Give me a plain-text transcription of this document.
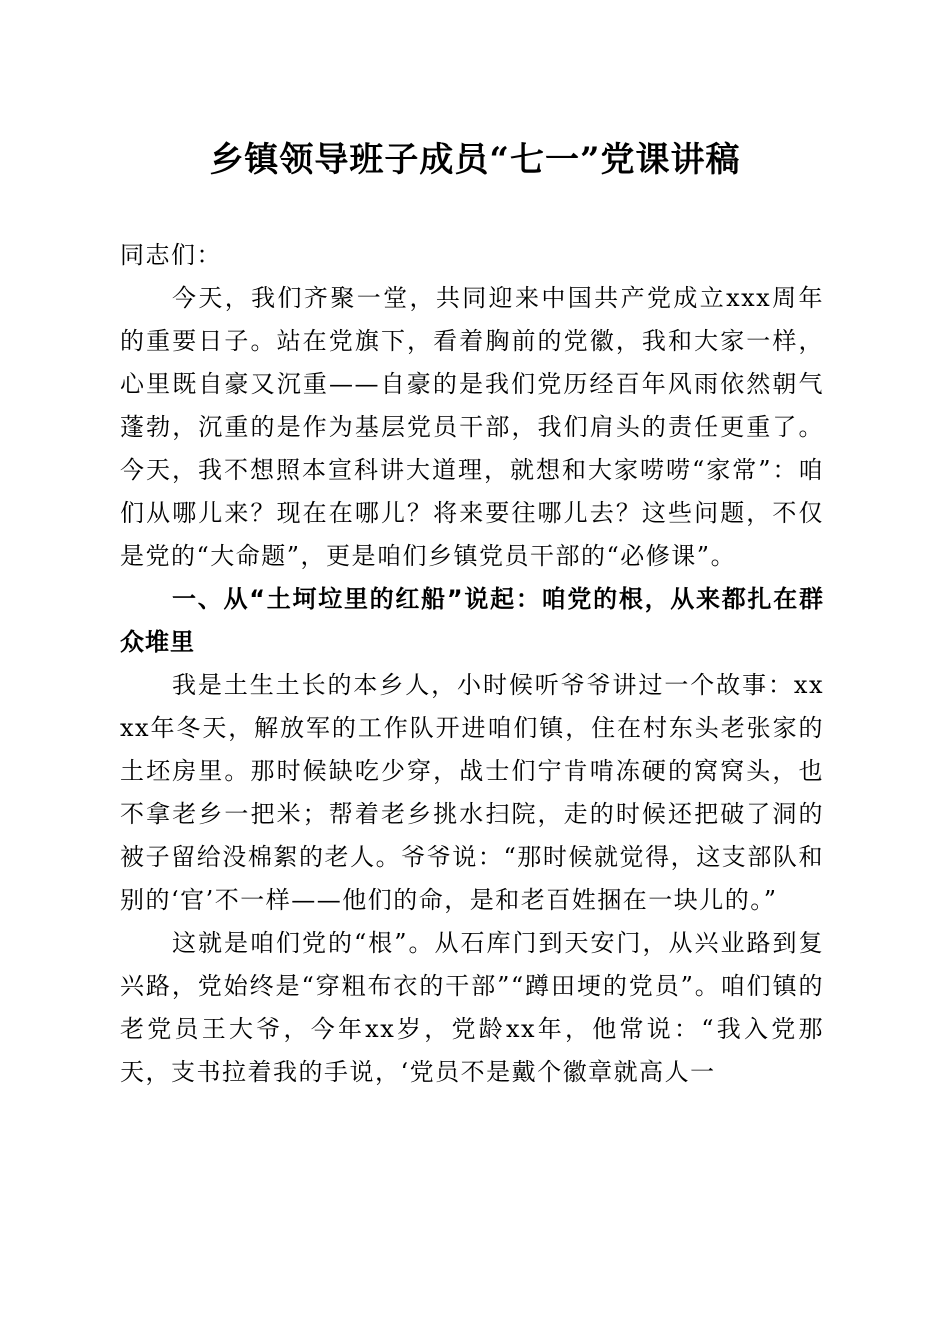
乡镇领导班子成员“七一”党课讲稿

同志们：

今天，我们齐聚一堂，共同迎来中国共产党成立xxx周年的重要日子。站在党旗下，看着胸前的党徽，我和大家一样，心里既自豪又沉重——自豪的是我们党历经百年风雨依然朝气蓬勃，沉重的是作为基层党员干部，我们肩头的责任更重了。今天，我不想照本宣科讲大道理，就想和大家唠唠“家常”：咱们从哪儿来？现在在哪儿？将来要往哪儿去？这些问题，不仅是党的“大命题”，更是咱们乡镇党员干部的“必修课”。

一、从“土坷垃里的红船”说起：咱党的根，从来都扎在群众堆里

我是土生土长的本乡人，小时候听爷爷讲过一个故事：xxxx年冬天，解放军的工作队开进咱们镇，住在村东头老张家的土坯房里。那时候缺吃少穿，战士们宁肯啃冻硬的窝窝头，也不拿老乡一把米；帮着老乡挑水扫院，走的时候还把破了洞的被子留给没棉絮的老人。爷爷说：“那时候就觉得，这支部队和别的‘官’不一样——他们的命，是和老百姓捆在一块儿的。”

这就是咱们党的“根”。从石库门到天安门，从兴业路到复兴路，党始终是“穿粗布衣的干部”“蹲田埂的党员”。咱们镇的老党员王大爷，今年xx岁，党龄xx年，他常说：“我入党那天，支书拉着我的手说，‘党员不是戴个徽章就高人一
